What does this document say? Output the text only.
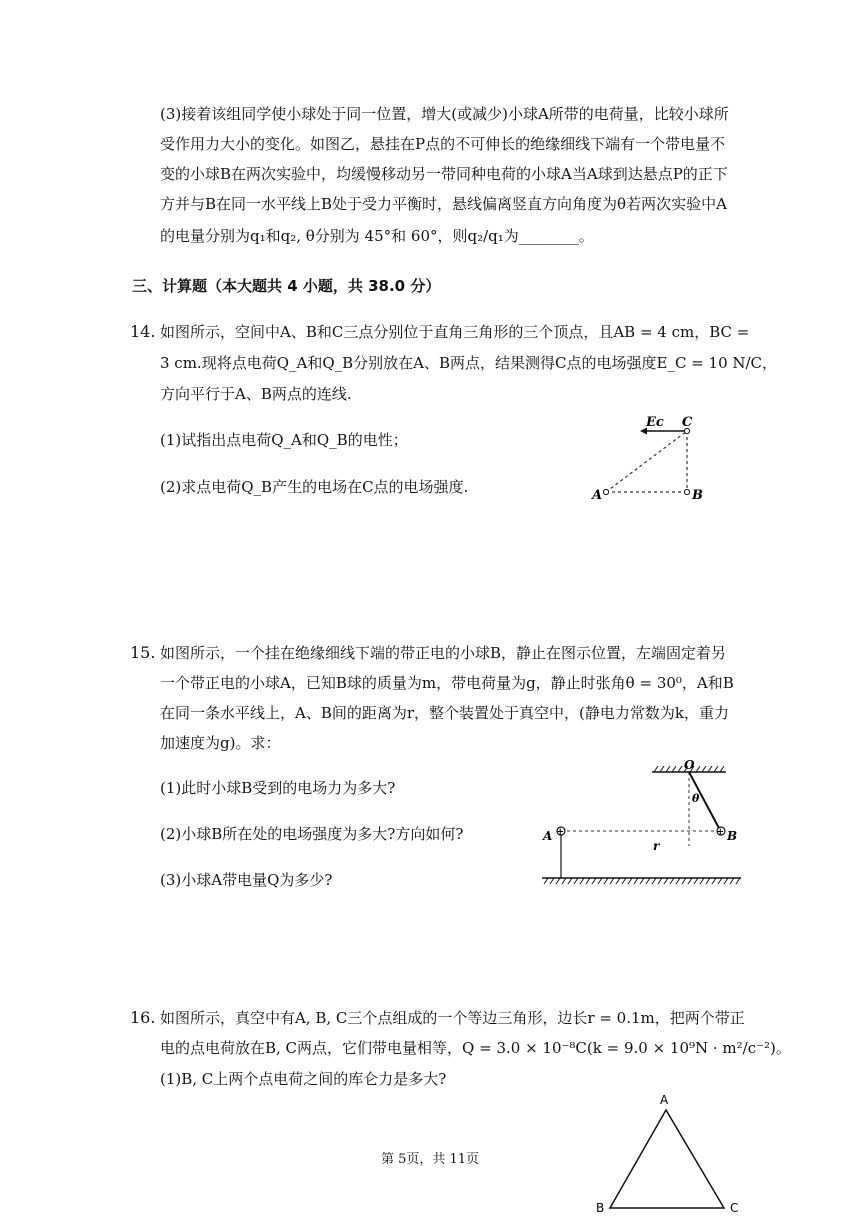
(3)接着该组同学使小球处于同一位置，增大(或减少)小球A所带的电荷量，比较小球所
受作用力大小的变化。如图乙，悬挂在P点的不可伸长的绝缘细线下端有一个带电量不
变的小球B在两次实验中，均缓慢移动另一带同种电荷的小球A当A球到达悬点P的正下
方并与B在同一水平线上B处于受力平衡时，悬线偏离竖直方向角度为θ若两次实验中A
的电量分别为q₁和q₂, θ分别为 45°和 60°，则q₂/q₁为________。
三、计算题（本大题共 4 小题，共 38.0 分）
14. 如图所示，空间中A、B和C三点分别位于直角三角形的三个顶点，且AB = 4 cm，BC =
3 cm.现将点电荷Q_A和Q_B分别放在A、B两点，结果测得C点的电场强度E_C = 10 N/C，
方向平行于A、B两点的连线.
(1)试指出点电荷Q_A和Q_B的电性；
(2)求点电荷Q_B产生的电场在C点的电场强度.
Ec C
A	B
15. 如图所示，一个挂在绝缘细线下端的带正电的小球B，静止在图示位置，左端固定着另
一个带正电的小球A，已知B球的质量为m，带电荷量为g，静止时张角θ = 30⁰，A和B
在同一条水平线上，A、B间的距离为r，整个装置处于真空中，(静电力常数为k，重力
加速度为g)。求：
(1)此时小球B受到的电场力为多大?
(2)小球B所在处的电场强度为多大?方向如何?
(3)小球A带电量Q为多少?
+	+
O
θ
A	B
r
16. 如图所示，真空中有A, B, C三个点组成的一个等边三角形，边长r = 0.1m，把两个带正
电的点电荷放在B, C两点，它们带电量相等，Q = 3.0 × 10⁻⁸C(k = 9.0 × 10⁹N · m²/c⁻²)。
(1)B, C上两个点电荷之间的库仑力是多大?
A
B	C
第 5页，共 11页
